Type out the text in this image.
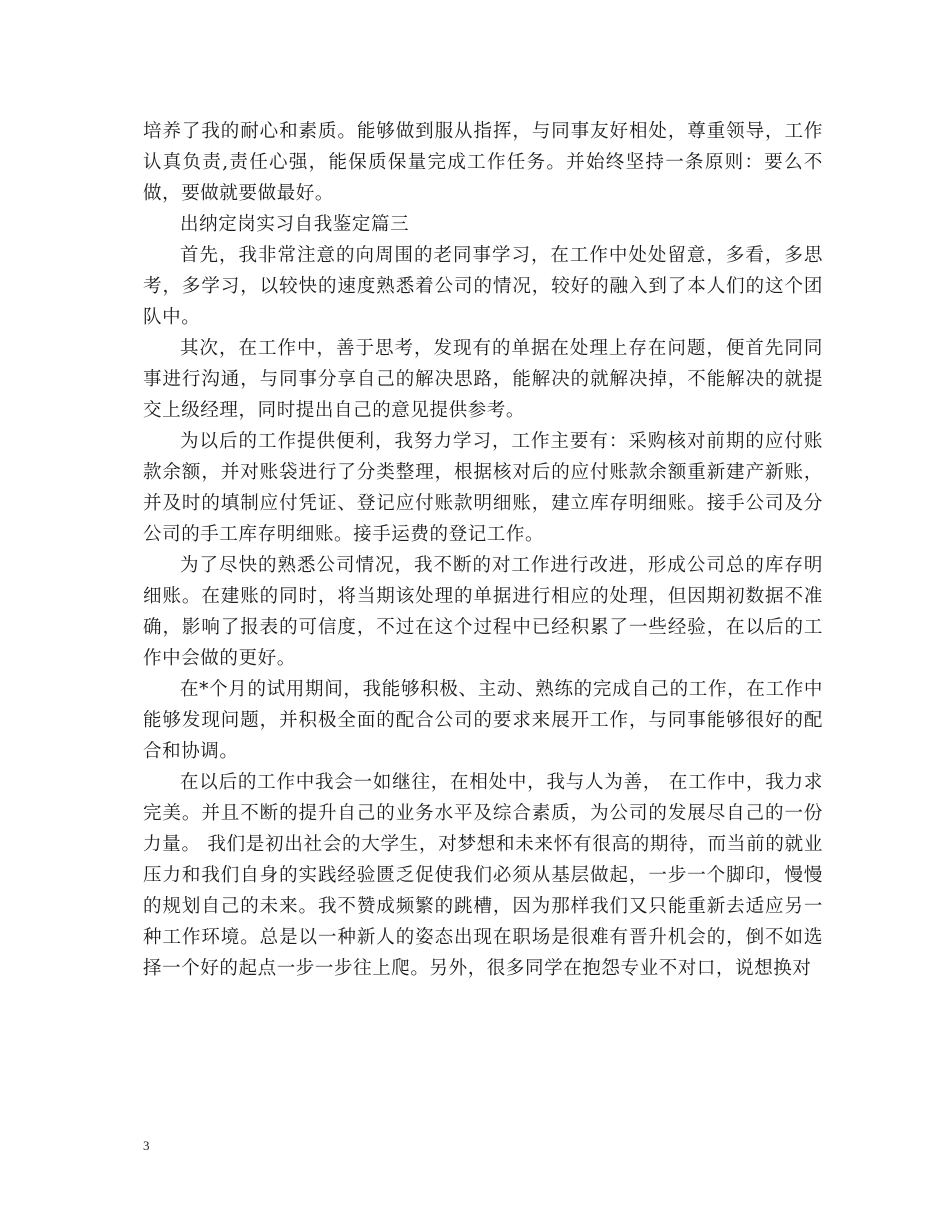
培养了我的耐心和素质。能够做到服从指挥，与同事友好相处，尊重领导，工作认真负责,责任心强，能保质保量完成工作任务。并始终坚持一条原则：要么不做，要做就要做最好。

出纳定岗实习自我鉴定篇三

首先，我非常注意的向周围的老同事学习，在工作中处处留意，多看，多思考，多学习，以较快的速度熟悉着公司的情况，较好的融入到了本人们的这个团队中。

其次，在工作中，善于思考，发现有的单据在处理上存在问题，便首先同同事进行沟通，与同事分享自己的解决思路，能解决的就解决掉，不能解决的就提交上级经理，同时提出自己的意见提供参考。

为以后的工作提供便利，我努力学习，工作主要有：采购核对前期的应付账款余额，并对账袋进行了分类整理，根据核对后的应付账款余额重新建产新账，并及时的填制应付凭证、登记应付账款明细账，建立库存明细账。接手公司及分公司的手工库存明细账。接手运费的登记工作。

为了尽快的熟悉公司情况，我不断的对工作进行改进，形成公司总的库存明细账。在建账的同时，将当期该处理的单据进行相应的处理，但因期初数据不准确，影响了报表的可信度，不过在这个过程中已经积累了一些经验，在以后的工作中会做的更好。

在*个月的试用期间，我能够积极、主动、熟练的完成自己的工作，在工作中能够发现问题，并积极全面的配合公司的要求来展开工作，与同事能够很好的配合和协调。

在以后的工作中我会一如继往，在相处中，我与人为善， 在工作中，我力求完美。并且不断的提升自己的业务水平及综合素质，为公司的发展尽自己的一份力量。 我们是初出社会的大学生，对梦想和未来怀有很高的期待，而当前的就业压力和我们自身的实践经验匮乏促使我们必须从基层做起，一步一个脚印，慢慢的规划自己的未来。我不赞成频繁的跳槽，因为那样我们又只能重新去适应另一种工作环境。总是以一种新人的姿态出现在职场是很难有晋升机会的，倒不如选择一个好的起点一步一步往上爬。另外，很多同学在抱怨专业不对口，说想换对

3
